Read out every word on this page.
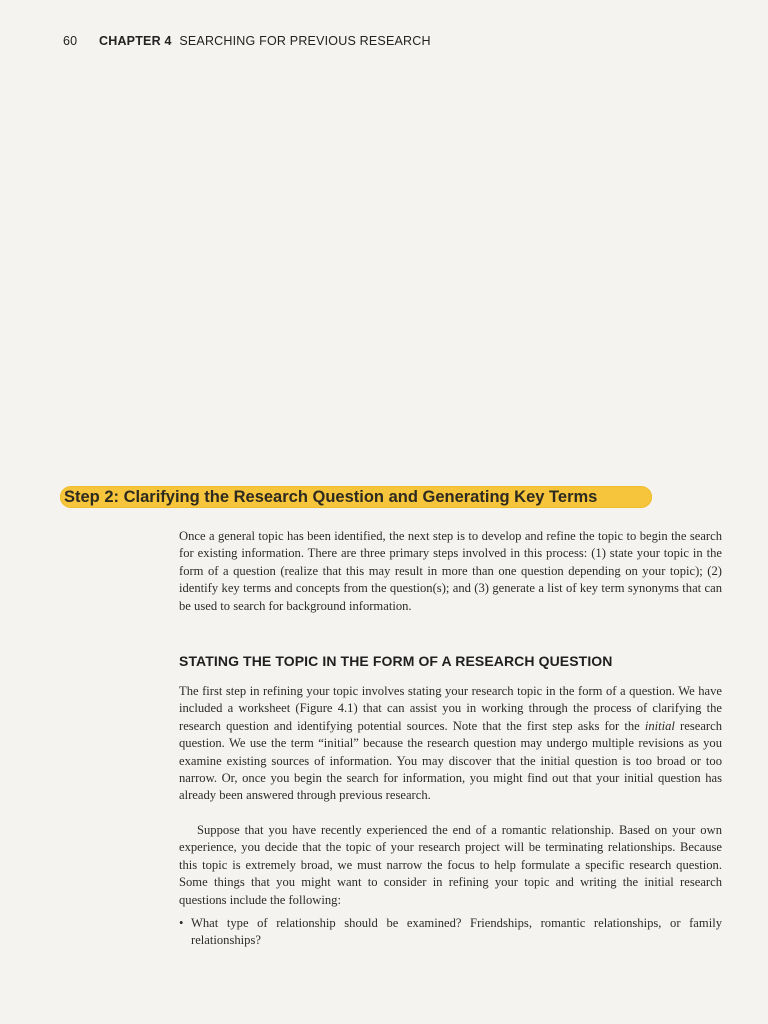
60 CHAPTER 4 SEARCHING FOR PREVIOUS RESEARCH

Step 2: Clarifying the Research Question and Generating Key Terms

Once a general topic has been identified, the next step is to develop and refine the topic to begin the search for existing information. There are three primary steps involved in this process: (1) state your topic in the form of a question (realize that this may result in more than one question depending on your topic); (2) identify key terms and concepts from the question(s); and (3) generate a list of key term synonyms that can be used to search for background information.

STATING THE TOPIC IN THE FORM OF A RESEARCH QUESTION

The first step in refining your topic involves stating your research topic in the form of a question. We have included a worksheet (Figure 4.1) that can assist you in working through the process of clarifying the research question and identifying potential sources. Note that the first step asks for the initial research question. We use the term “initial” because the research question may undergo multiple revisions as you examine existing sources of information. You may discover that the initial question is too broad or too narrow. Or, once you begin the search for information, you might find out that your initial question has already been answered through previous research.

Suppose that you have recently experienced the end of a romantic relationship. Based on your own experience, you decide that the topic of your research project will be terminating relationships. Because this topic is extremely broad, we must narrow the focus to help formulate a specific research question. Some things that you might want to consider in refining your topic and writing the initial research questions include the following:

• What type of relationship should be examined? Friendships, romantic relationships, or family relationships?
